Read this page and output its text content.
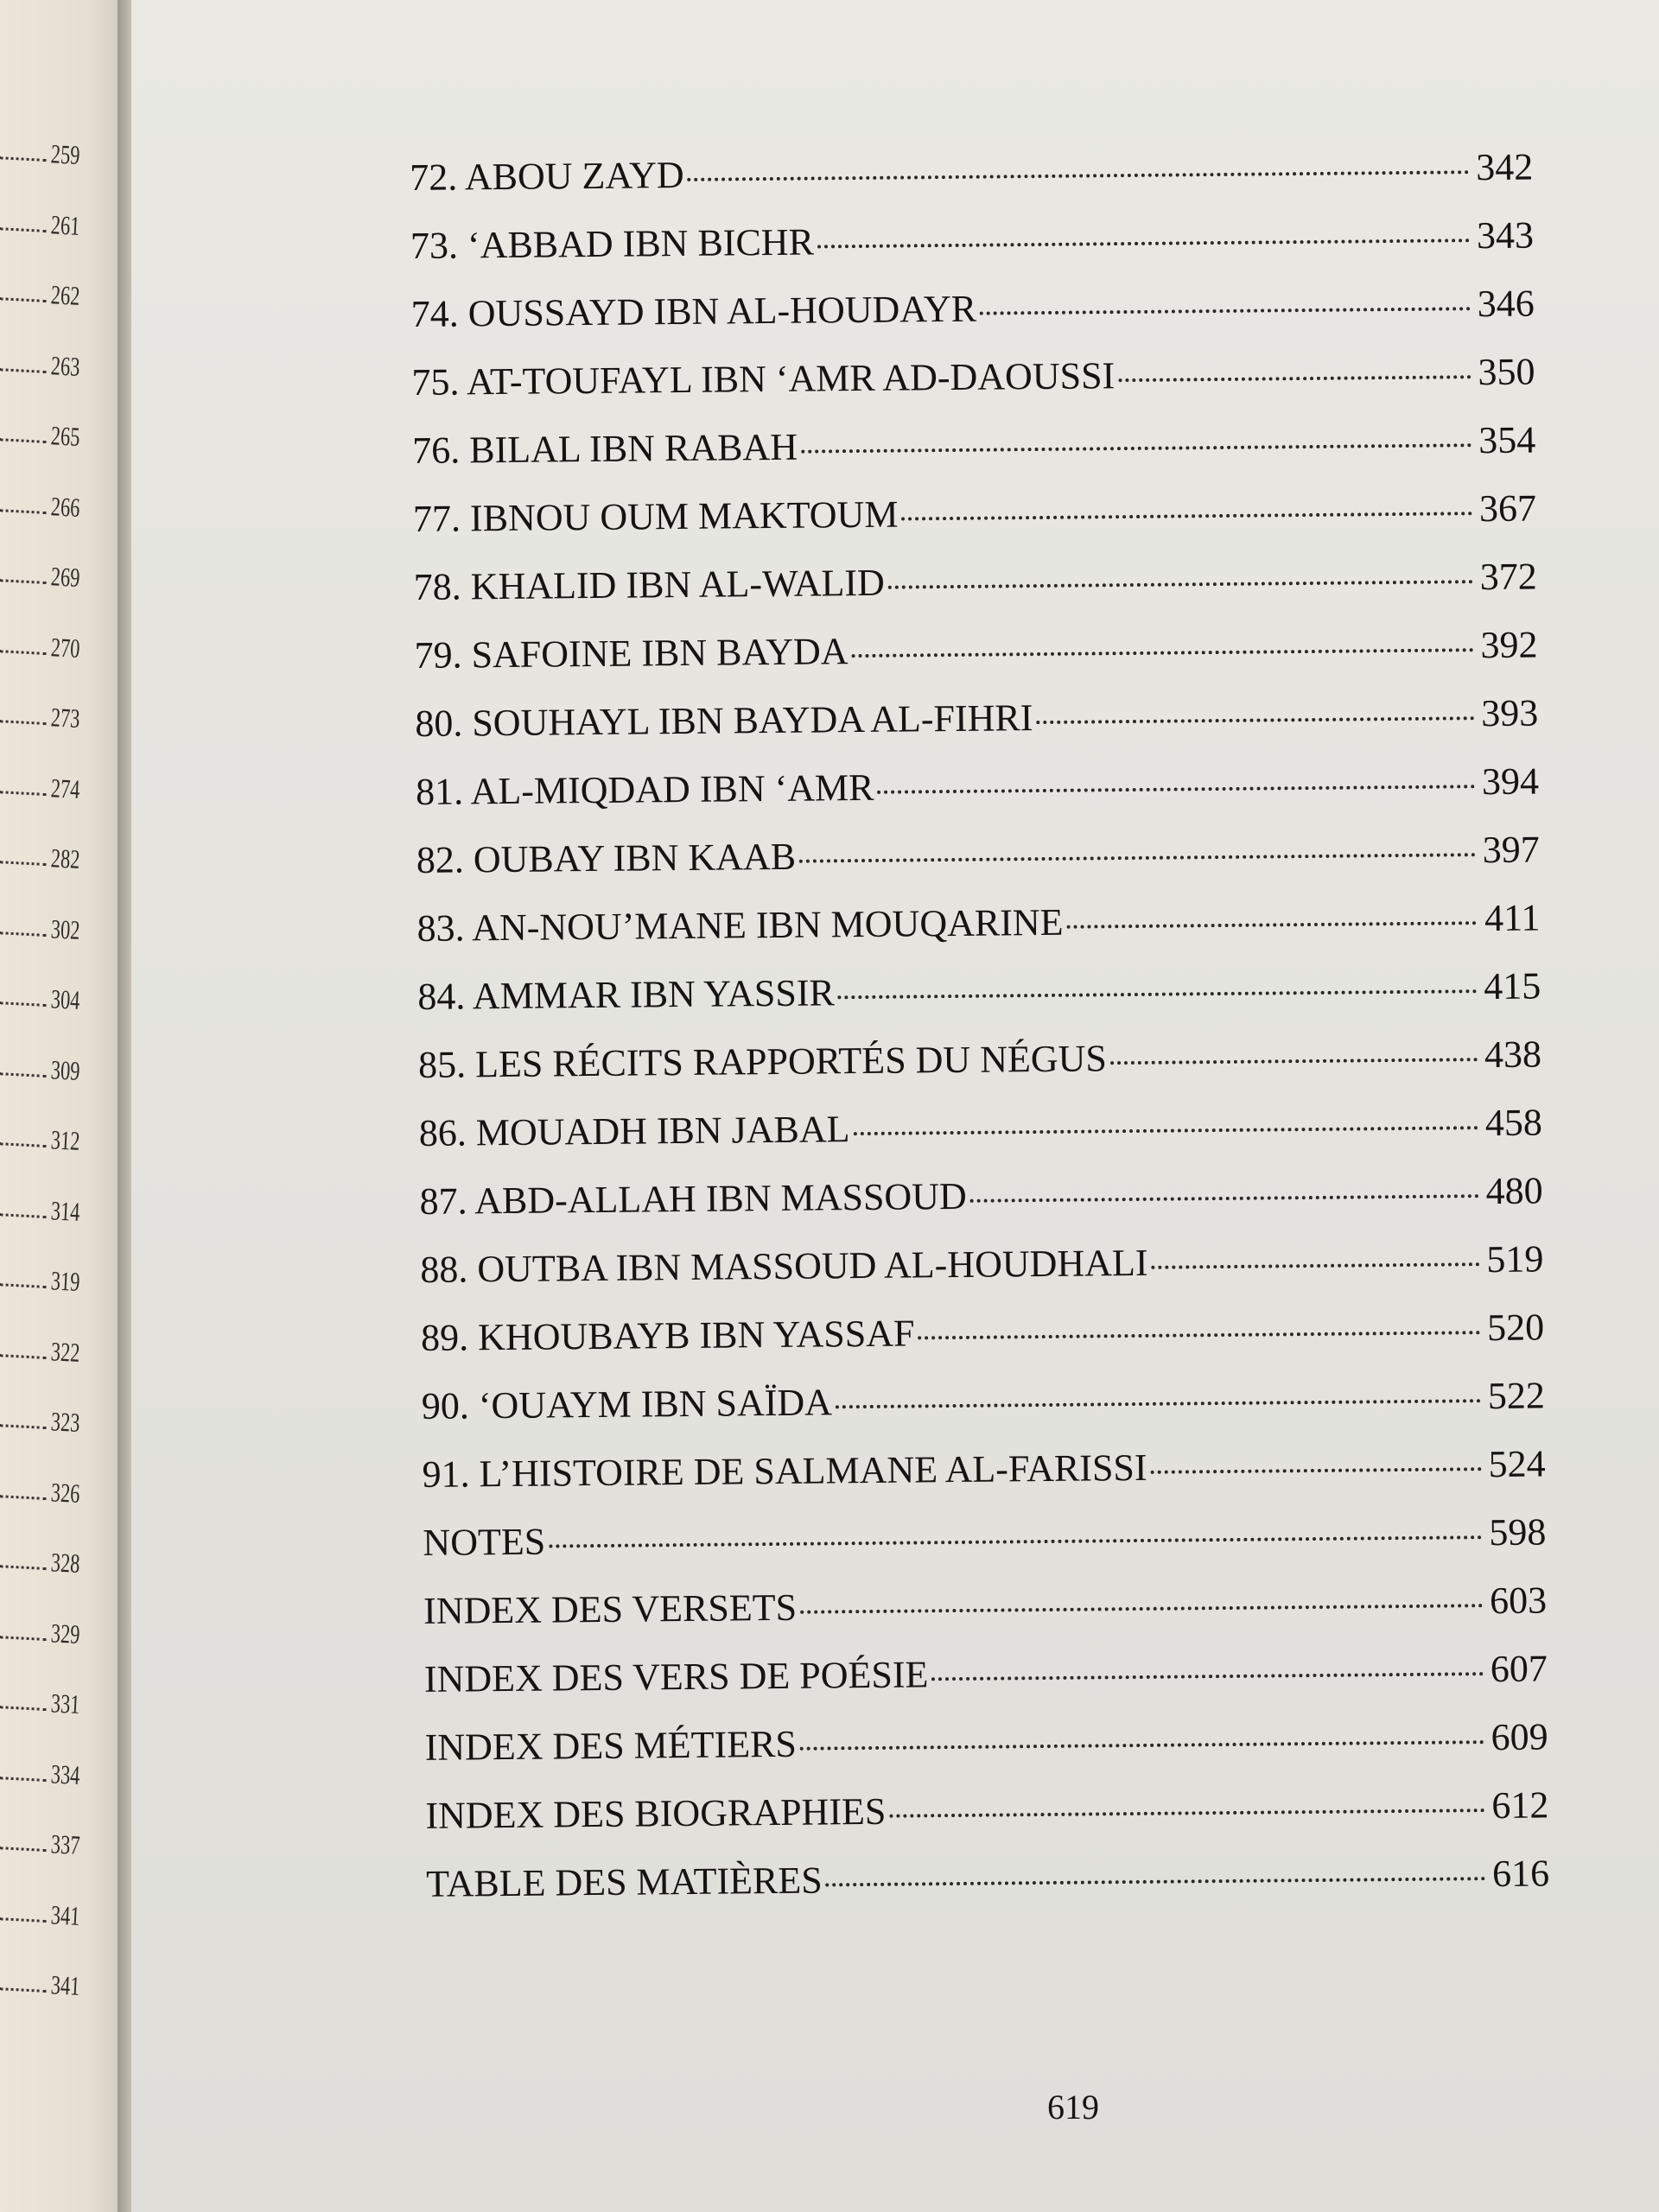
259
261
262
263
265
266
269
270
273
274
282
302
304
309
312
314
319
322
323
326
328
329
331
334
337
341
341
72. ABOU ZAYD	342
73. ‘ABBAD IBN BICHR	343
74. OUSSAYD IBN AL-HOUDAYR	346
75. AT-TOUFAYL IBN ‘AMR AD-DAOUSSI	350
76. BILAL IBN RABAH	354
77. IBNOU OUM MAKTOUM	367
78. KHALID IBN AL-WALID	372
79. SAFOINE IBN BAYDA	392
80. SOUHAYL IBN BAYDA AL-FIHRI	393
81. AL-MIQDAD IBN ‘AMR	394
82. OUBAY IBN KAAB	397
83. AN-NOU’MANE IBN MOUQARINE	411
84. AMMAR IBN YASSIR	415
85. LES RÉCITS RAPPORTÉS DU NÉGUS	438
86. MOUADH IBN JABAL	458
87. ABD-ALLAH IBN MASSOUD	480
88. OUTBA IBN MASSOUD AL-HOUDHALI	519
89. KHOUBAYB IBN YASSAF	520
90. ‘OUAYM IBN SAÏDA	522
91. L’HISTOIRE DE SALMANE AL-FARISSI	524
NOTES	598
INDEX DES VERSETS	603
INDEX DES VERS DE POÉSIE	607
INDEX DES MÉTIERS	609
INDEX DES BIOGRAPHIES	612
TABLE DES MATIÈRES	616
619
